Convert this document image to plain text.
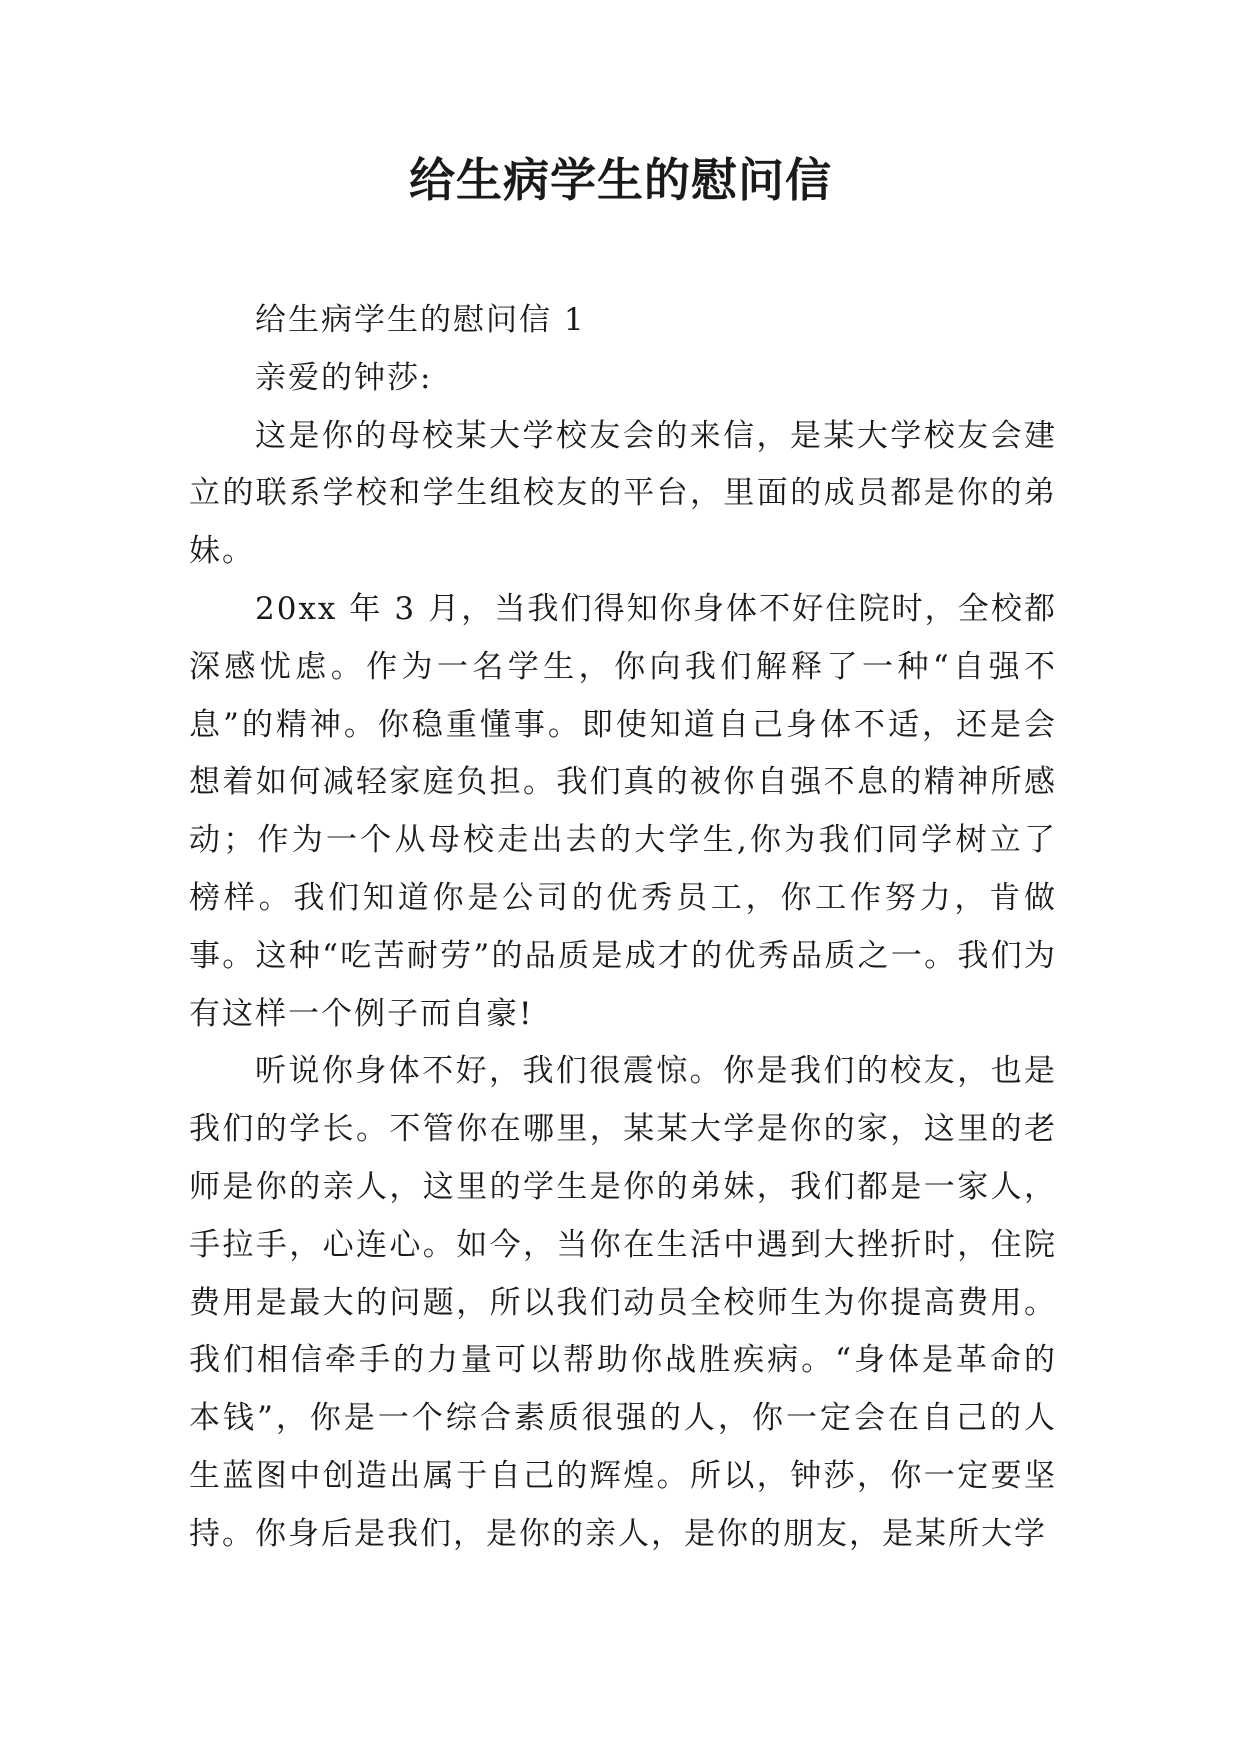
给生病学生的慰问信

给生病学生的慰问信 1

亲爱的钟莎:

这是你的母校某大学校友会的来信，是某大学校友会建立的联系学校和学生组校友的平台，里面的成员都是你的弟妹。

20xx 年 3 月，当我们得知你身体不好住院时，全校都深感忧虑。作为一名学生，你向我们解释了一种“自强不息”的精神。你稳重懂事。即使知道自己身体不适，还是会想着如何减轻家庭负担。我们真的被你自强不息的精神所感动；作为一个从母校走出去的大学生,你为我们同学树立了榜样。我们知道你是公司的优秀员工，你工作努力，肯做事。这种“吃苦耐劳”的品质是成才的优秀品质之一。我们为有这样一个例子而自豪!

听说你身体不好，我们很震惊。你是我们的校友，也是我们的学长。不管你在哪里，某某大学是你的家，这里的老师是你的亲人，这里的学生是你的弟妹，我们都是一家人，手拉手，心连心。如今，当你在生活中遇到大挫折时，住院费用是最大的问题，所以我们动员全校师生为你提高费用。我们相信牵手的力量可以帮助你战胜疾病。“身体是革命的本钱”，你是一个综合素质很强的人，你一定会在自己的人生蓝图中创造出属于自己的辉煌。所以，钟莎，你一定要坚持。你身后是我们，是你的亲人，是你的朋友，是某所大学
